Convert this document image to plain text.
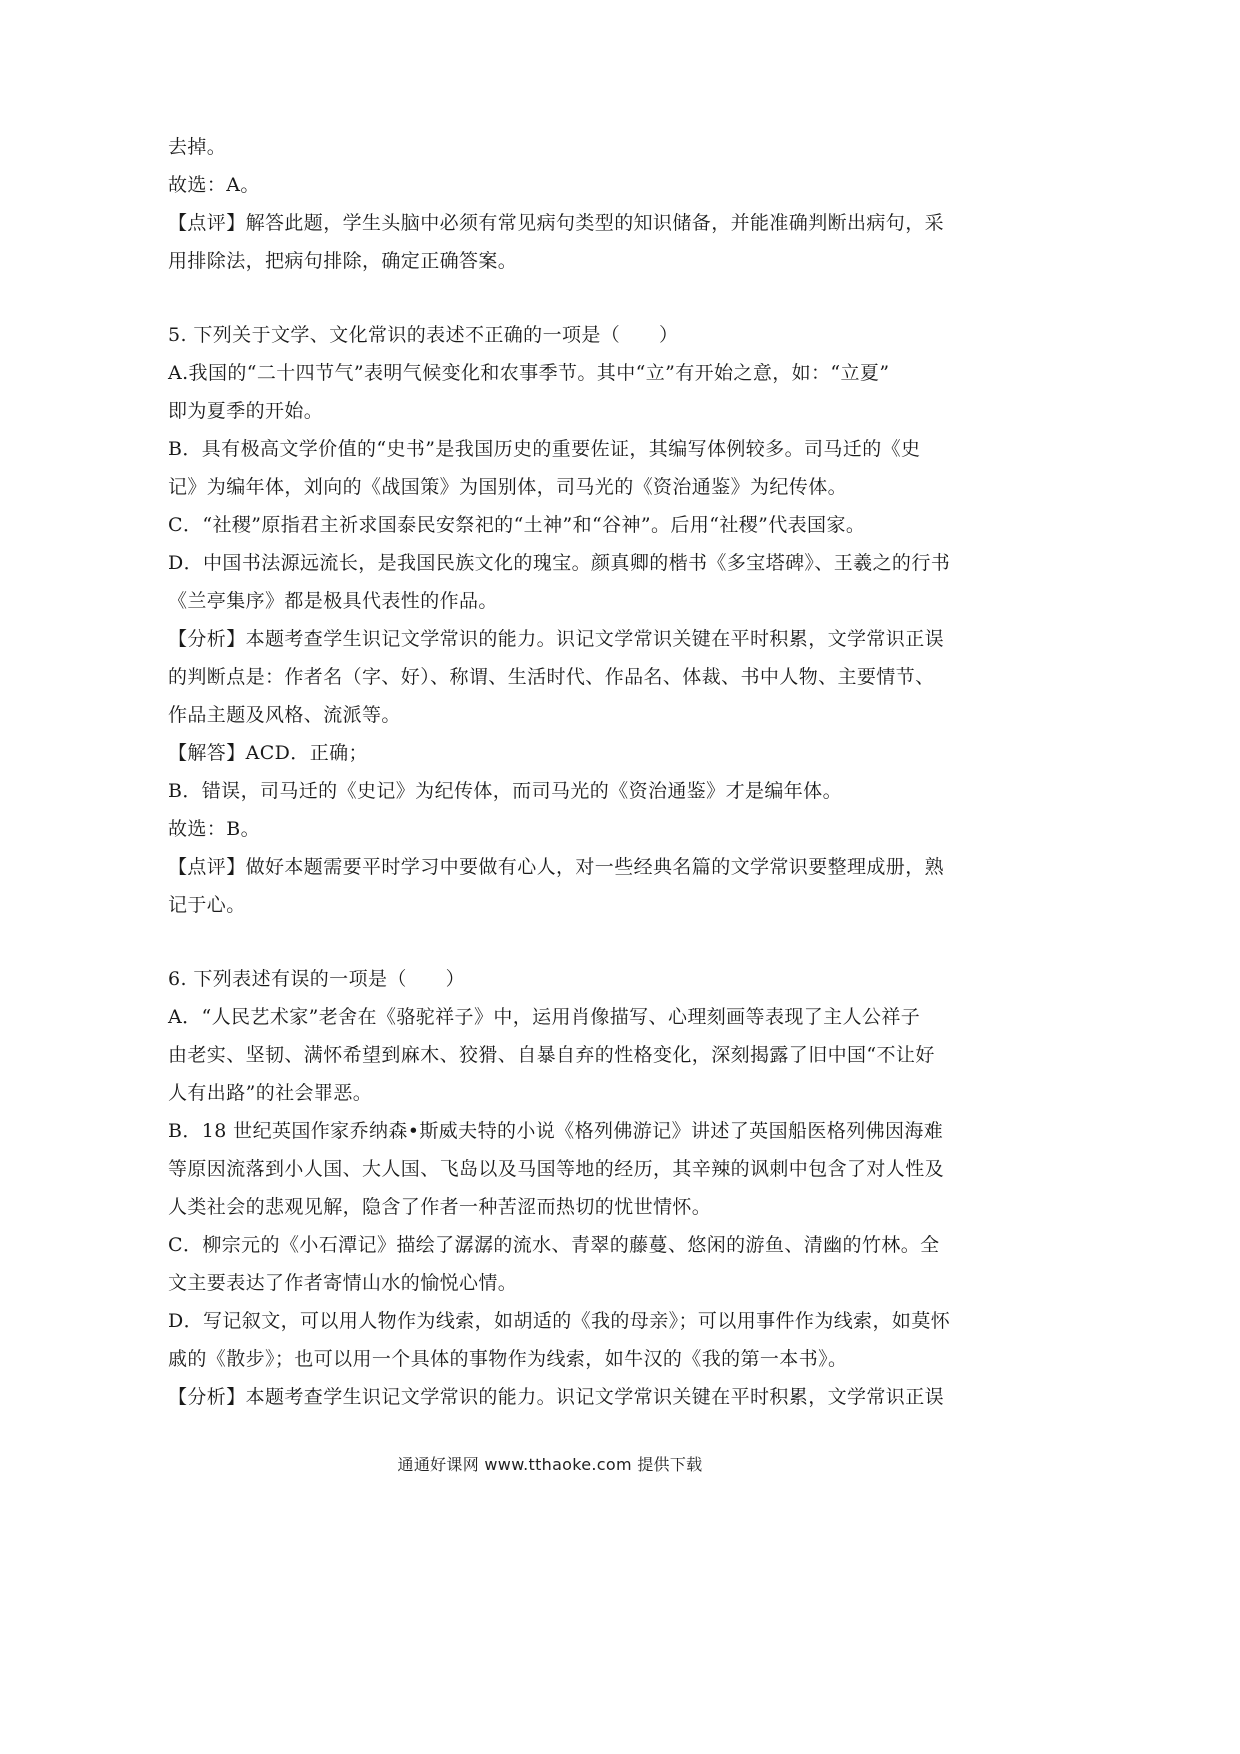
去掉。
故选：A。
【点评】解答此题，学生头脑中必须有常见病句类型的知识储备，并能准确判断出病句，采
用排除法，把病句排除，确定正确答案。
5. 下列关于文学、文化常识的表述不正确的一项是（　　）
A.我国的“二十四节气”表明气候变化和农事季节。其中“立”有开始之意，如：“立夏”
即为夏季的开始。
B．具有极高文学价值的“史书”是我国历史的重要佐证，其编写体例较多。司马迁的《史
记》为编年体，刘向的《战国策》为国别体，司马光的《资治通鉴》为纪传体。
C．“社稷”原指君主祈求国泰民安祭祀的“土神”和“谷神”。后用“社稷”代表国家。
D．中国书法源远流长，是我国民族文化的瑰宝。颜真卿的楷书《多宝塔碑》、王羲之的行书
《兰亭集序》都是极具代表性的作品。
【分析】本题考查学生识记文学常识的能力。识记文学常识关键在平时积累，文学常识正误
的判断点是：作者名（字、好）、称谓、生活时代、作品名、体裁、书中人物、主要情节、
作品主题及风格、流派等。
【解答】ACD．正确；
B．错误，司马迁的《史记》为纪传体，而司马光的《资治通鉴》才是编年体。
故选：B。
【点评】做好本题需要平时学习中要做有心人，对一些经典名篇的文学常识要整理成册，熟
记于心。
6. 下列表述有误的一项是（　　）
A．“人民艺术家”老舍在《骆驼祥子》中，运用肖像描写、心理刻画等表现了主人公祥子
由老实、坚韧、满怀希望到麻木、狡猾、自暴自弃的性格变化，深刻揭露了旧中国“不让好
人有出路”的社会罪恶。
B．18 世纪英国作家乔纳森•斯威夫特的小说《格列佛游记》讲述了英国船医格列佛因海难
等原因流落到小人国、大人国、飞岛以及马国等地的经历，其辛辣的讽刺中包含了对人性及
人类社会的悲观见解，隐含了作者一种苦涩而热切的忧世情怀。
C．柳宗元的《小石潭记》描绘了潺潺的流水、青翠的藤蔓、悠闲的游鱼、清幽的竹林。全
文主要表达了作者寄情山水的愉悦心情。
D．写记叙文，可以用人物作为线索，如胡适的《我的母亲》；可以用事件作为线索，如莫怀
戚的《散步》；也可以用一个具体的事物作为线索，如牛汉的《我的第一本书》。
【分析】本题考查学生识记文学常识的能力。识记文学常识关键在平时积累，文学常识正误
通通好课网 www.tthaoke.com 提供下载
